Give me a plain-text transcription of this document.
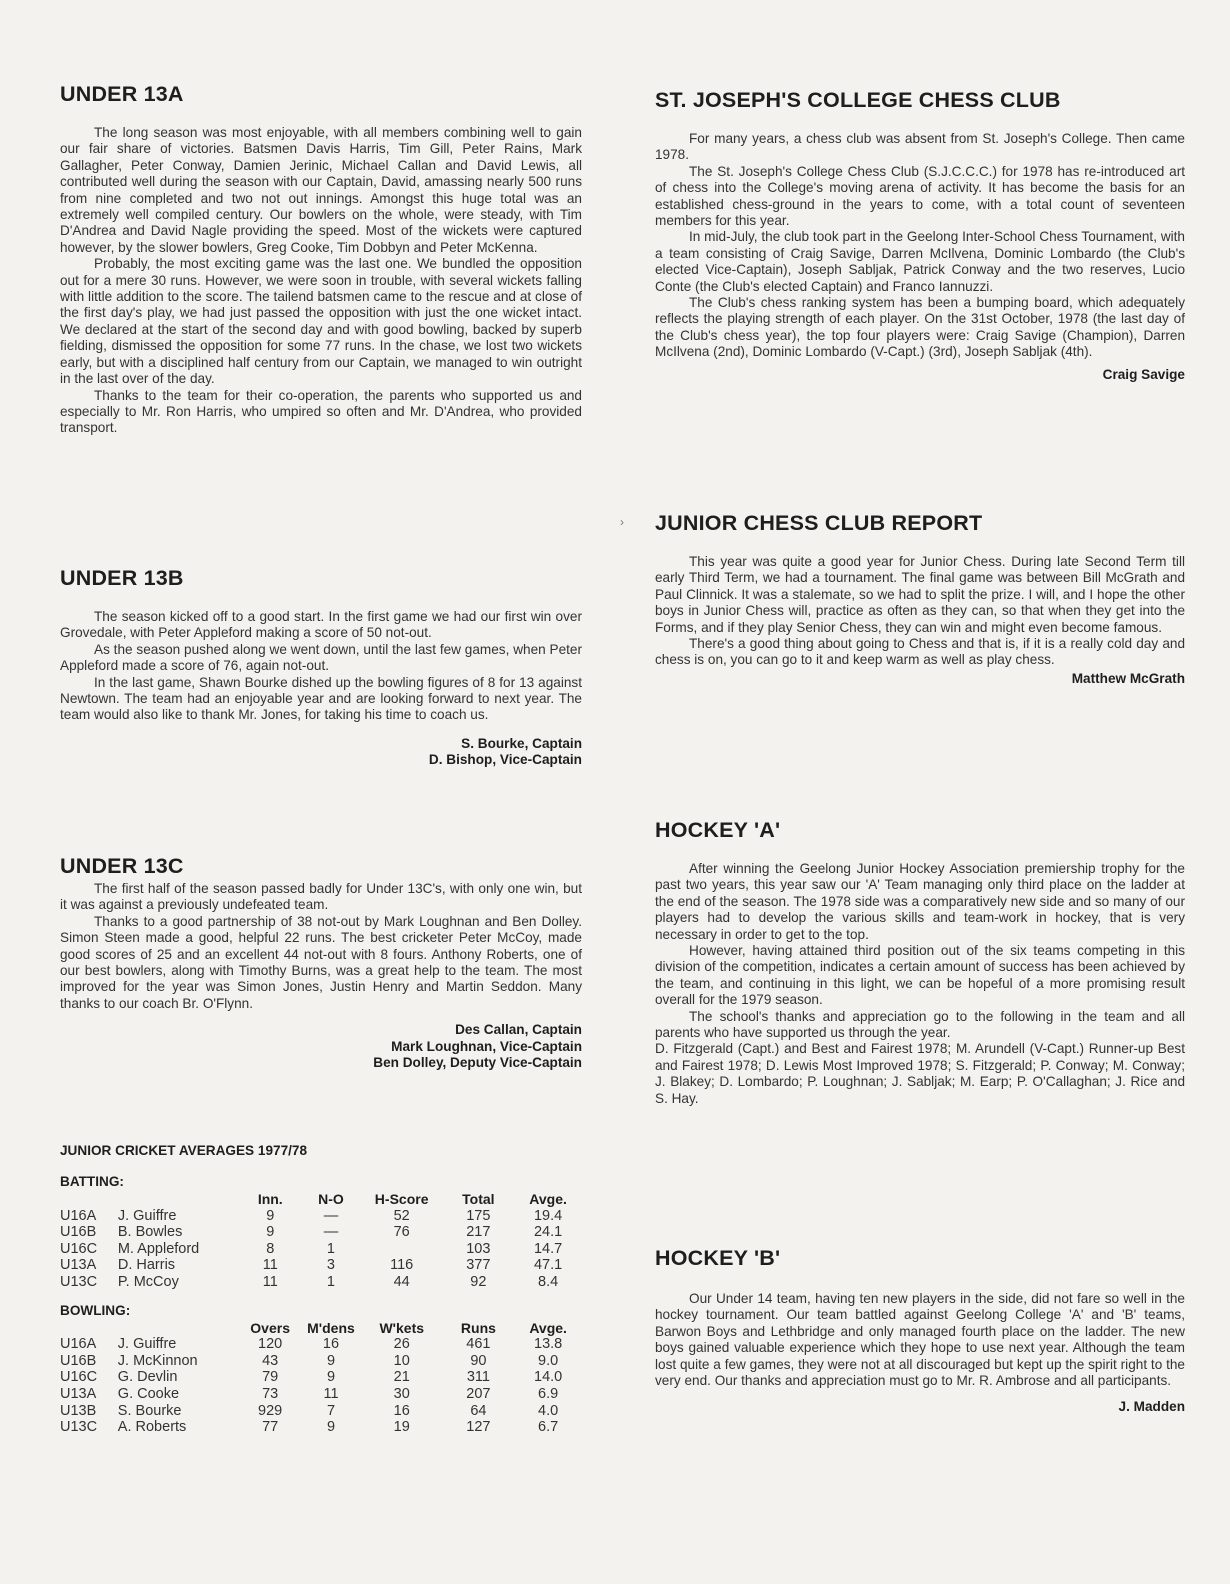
UNDER 13A

The long season was most enjoyable, with all members combining well to gain our fair share of victories. Batsmen Davis Harris, Tim Gill, Peter Rains, Mark Gallagher, Peter Conway, Damien Jerinic, Michael Callan and David Lewis, all contributed well during the season with our Captain, David, amassing nearly 500 runs from nine completed and two not out innings. Amongst this huge total was an extremely well compiled century. Our bowlers on the whole, were steady, with Tim D'Andrea and David Nagle providing the speed. Most of the wickets were captured however, by the slower bowlers, Greg Cooke, Tim Dobbyn and Peter McKenna.

Probably, the most exciting game was the last one. We bundled the opposition out for a mere 30 runs. However, we were soon in trouble, with several wickets falling with little addition to the score. The tailend batsmen came to the rescue and at close of the first day's play, we had just passed the opposition with just the one wicket intact. We declared at the start of the second day and with good bowling, backed by superb fielding, dismissed the opposition for some 77 runs. In the chase, we lost two wickets early, but with a disciplined half century from our Captain, we managed to win outright in the last over of the day.

Thanks to the team for their co-operation, the parents who supported us and especially to Mr. Ron Harris, who umpired so often and Mr. D'Andrea, who provided transport.

UNDER 13B

The season kicked off to a good start. In the first game we had our first win over Grovedale, with Peter Appleford making a score of 50 not-out.

As the season pushed along we went down, until the last few games, when Peter Appleford made a score of 76, again not-out.

In the last game, Shawn Bourke dished up the bowling figures of 8 for 13 against Newtown. The team had an enjoyable year and are looking forward to next year. The team would also like to thank Mr. Jones, for taking his time to coach us.

S. Bourke, Captain

D. Bishop, Vice-Captain

UNDER 13C

The first half of the season passed badly for Under 13C's, with only one win, but it was against a previously undefeated team.

Thanks to a good partnership of 38 not-out by Mark Loughnan and Ben Dolley. Simon Steen made a good, helpful 22 runs. The best cricketer Peter McCoy, made good scores of 25 and an excellent 44 not-out with 8 fours. Anthony Roberts, one of our best bowlers, along with Timothy Burns, was a great help to the team. The most improved for the year was Simon Jones, Justin Henry and Martin Seddon. Many thanks to our coach Br. O'Flynn.

Des Callan, Captain

Mark Loughnan, Vice-Captain

Ben Dolley, Deputy Vice-Captain

JUNIOR CRICKET AVERAGES 1977/78

BATTING:

		Inn.	N-O	H-Score	Total	Avge.
U16A	J. Guiffre	9	—	52	175	19.4
U16B	B. Bowles	9	—	76	217	24.1
U16C	M. Appleford	8	1		103	14.7
U13A	D. Harris	11	3	116	377	47.1
U13C	P. McCoy	11	1	44	92	8.4

BOWLING:

		Overs	M'dens	W'kets	Runs	Avge.
U16A	J. Guiffre	120	16	26	461	13.8
U16B	J. McKinnon	43	9	10	90	9.0
U16C	G. Devlin	79	9	21	311	14.0
U13A	G. Cooke	73	11	30	207	6.9
U13B	S. Bourke	929	7	16	64	4.0
U13C	A. Roberts	77	9	19	127	6.7
›
ST. JOSEPH'S COLLEGE CHESS CLUB

For many years, a chess club was absent from St. Joseph's College. Then came 1978.

The St. Joseph's College Chess Club (S.J.C.C.C.) for 1978 has re-introduced art of chess into the College's moving arena of activity. It has become the basis for an established chess-ground in the years to come, with a total count of seventeen members for this year.

In mid-July, the club took part in the Geelong Inter-School Chess Tournament, with a team consisting of Craig Savige, Darren McIlvena, Dominic Lombardo (the Club's elected Vice-Captain), Joseph Sabljak, Patrick Conway and the two reserves, Lucio Conte (the Club's elected Captain) and Franco Iannuzzi.

The Club's chess ranking system has been a bumping board, which adequately reflects the playing strength of each player. On the 31st October, 1978 (the last day of the Club's chess year), the top four players were: Craig Savige (Champion), Darren McIlvena (2nd), Dominic Lombardo (V-Capt.) (3rd), Joseph Sabljak (4th).

Craig Savige

JUNIOR CHESS CLUB REPORT

This year was quite a good year for Junior Chess. During late Second Term till early Third Term, we had a tournament. The final game was between Bill McGrath and Paul Clinnick. It was a stalemate, so we had to split the prize. I will, and I hope the other boys in Junior Chess will, practice as often as they can, so that when they get into the Forms, and if they play Senior Chess, they can win and might even become famous.

There's a good thing about going to Chess and that is, if it is a really cold day and chess is on, you can go to it and keep warm as well as play chess.

Matthew McGrath

HOCKEY 'A'

After winning the Geelong Junior Hockey Association premiership trophy for the past two years, this year saw our 'A' Team managing only third place on the ladder at the end of the season. The 1978 side was a comparatively new side and so many of our players had to develop the various skills and team-work in hockey, that is very necessary in order to get to the top.

However, having attained third position out of the six teams competing in this division of the competition, indicates a certain amount of success has been achieved by the team, and continuing in this light, we can be hopeful of a more promising result overall for the 1979 season.

The school's thanks and appreciation go to the following in the team and all parents who have supported us through the year.

D. Fitzgerald (Capt.) and Best and Fairest 1978; M. Arundell (V-Capt.) Runner-up Best and Fairest 1978; D. Lewis Most Improved 1978; S. Fitzgerald; P. Conway; M. Conway; J. Blakey; D. Lombardo; P. Loughnan; J. Sabljak; M. Earp; P. O'Callaghan; J. Rice and S. Hay.

HOCKEY 'B'

Our Under 14 team, having ten new players in the side, did not fare so well in the hockey tournament. Our team battled against Geelong College 'A' and 'B' teams, Barwon Boys and Lethbridge and only managed fourth place on the ladder. The new boys gained valuable experience which they hope to use next year. Although the team lost quite a few games, they were not at all discouraged but kept up the spirit right to the very end. Our thanks and appreciation must go to Mr. R. Ambrose and all participants.

J. Madden
